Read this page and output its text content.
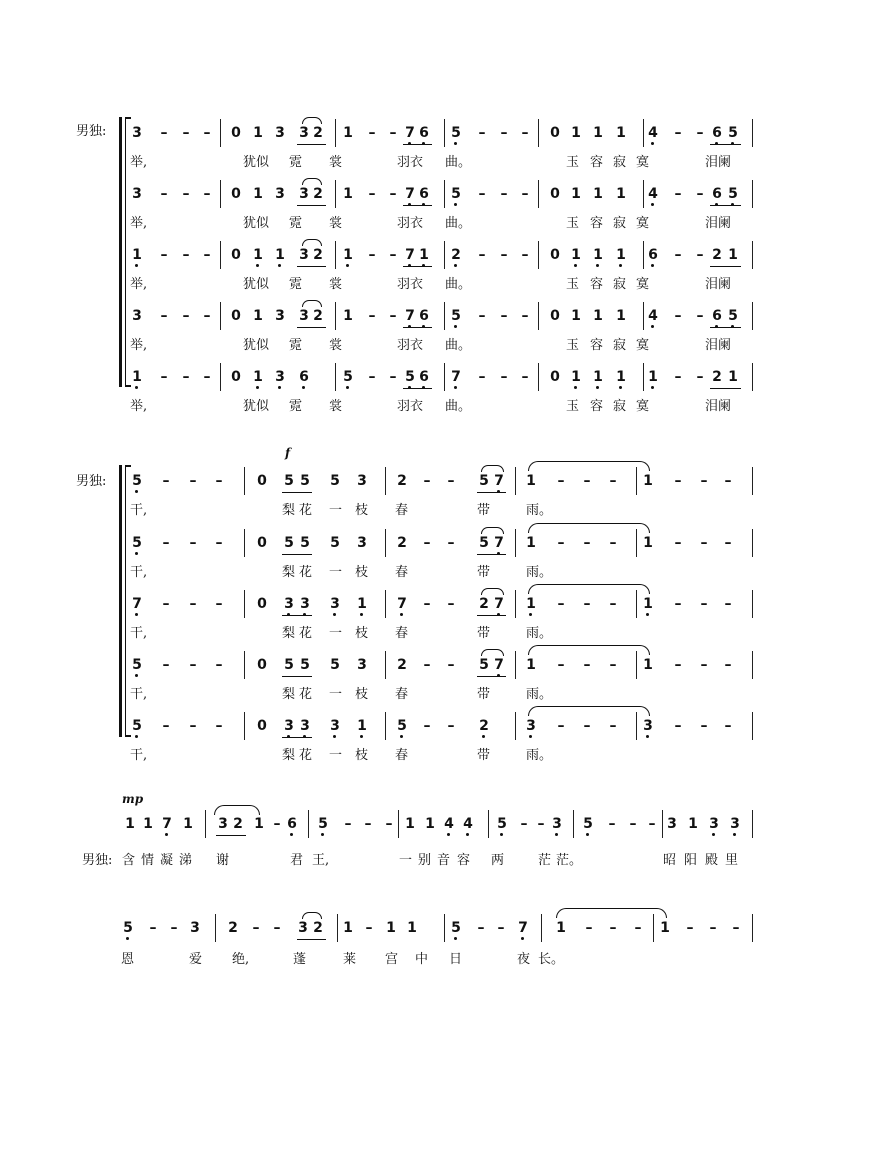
男独: 3 – – – 0 1 3 3 2 1 – – 7 6 5 – – – 0 1 1 1 4 – – 6 5
举,	犹似 霓 裳	羽衣 曲。	玉 容 寂 寞	泪阑
3 – – – 0 1 3 3 2 1 – – 7 6 5 – – – 0 1 1 1 4 – – 6 5
举,	犹似 霓 裳	羽衣 曲。	玉 容 寂 寞	泪阑
1 – – – 0 1 1 3 2 1 – – 7 1 2 – – – 0 1 1 1 6 – – 2 1
举,	犹似 霓 裳	羽衣 曲。	玉 容 寂 寞	泪阑
3 – – – 0 1 3 3 2 1 – – 7 6 5 – – – 0 1 1 1 4 – – 6 5
举,	犹似 霓 裳	羽衣 曲。	玉 容 寂 寞	泪阑
1 – – – 0 1 3 6 5 – – 5 6 7 – – – 0 1 1 1 1 – – 2 1
举,	犹似 霓 裳	羽衣 曲。	玉 容 寂 寞	泪阑
男独:
f
5 – – – 0 5 5 5 3 2 – – 5 7 1 – – – 1 – – –
干,	梨 花 一 枝 春	带	雨。
5 – – – 0 5 5 5 3 2 – – 5 7 1 – – – 1 – – –
干,	梨 花 一 枝 春	带	雨。
7 – – – 0 3 3 3 1 7 – – 2 7 1 – – – 1 – – –
干,	梨 花 一 枝 春	带	雨。
5 – – – 0 5 5 5 3 2 – – 5 7 1 – – – 1 – – –
干,	梨 花 一 枝 春	带	雨。
5 – – – 0 3 3 3 1 5 – – 2	3 – – – 3 – – –
干,	梨 花 一 枝 春	带	雨。
mp
1 1 7 1 3 2 1 – 6 5 – – – 1 1 4 4 5 – – 3 5 – – – 3 1 3 3
男独: 含 情 凝 涕 谢	君 王,	一 别 音 容 两	茫 茫。	昭 阳 殿 里
5 – – 3 2 – – 3 2 1 – 1 1 5 – – 7 1 – – – 1 – – –
恩	爱 绝,	蓬	莱 宫 中 日	夜 长。
